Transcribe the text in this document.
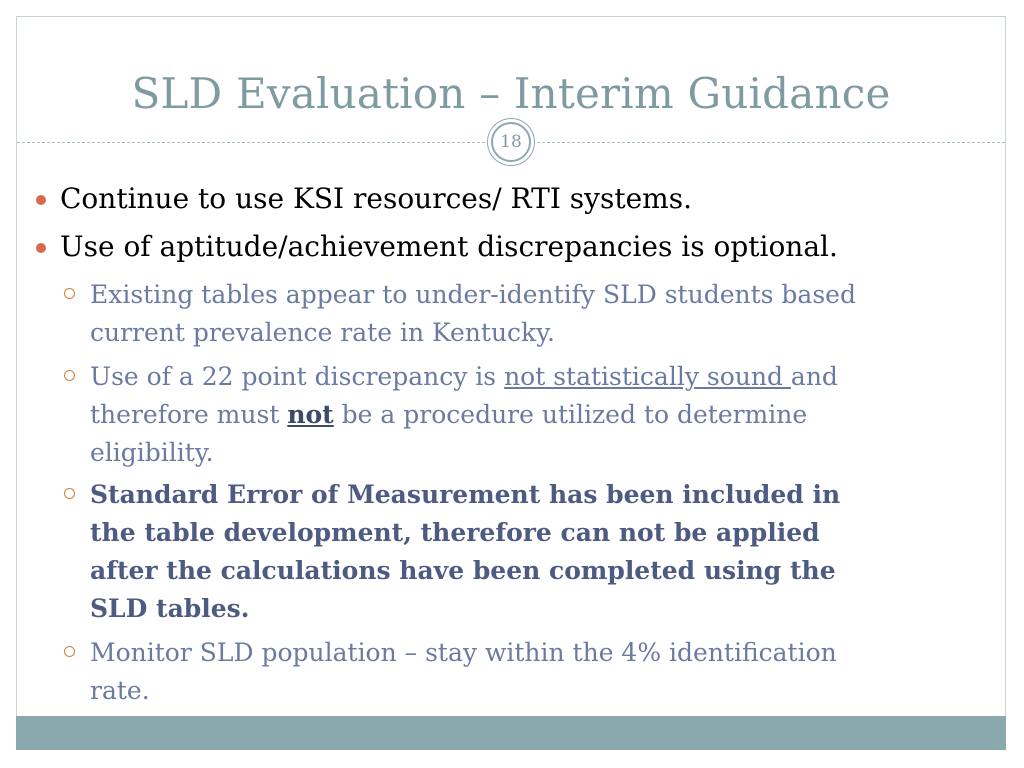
SLD Evaluation – Interim Guidance
18
Continue to use KSI resources/ RTI systems.
Use of aptitude/achievement discrepancies is optional.
Existing tables appear to under-identify SLD students based
current prevalence rate in Kentucky.
Use of a 22 point discrepancy is not statistically sound and
therefore must not be a procedure utilized to determine
eligibility.
Standard Error of Measurement has been included in
the table development, therefore can not be applied
after the calculations have been completed using the
SLD tables.
Monitor SLD population – stay within the 4% identification
rate.
